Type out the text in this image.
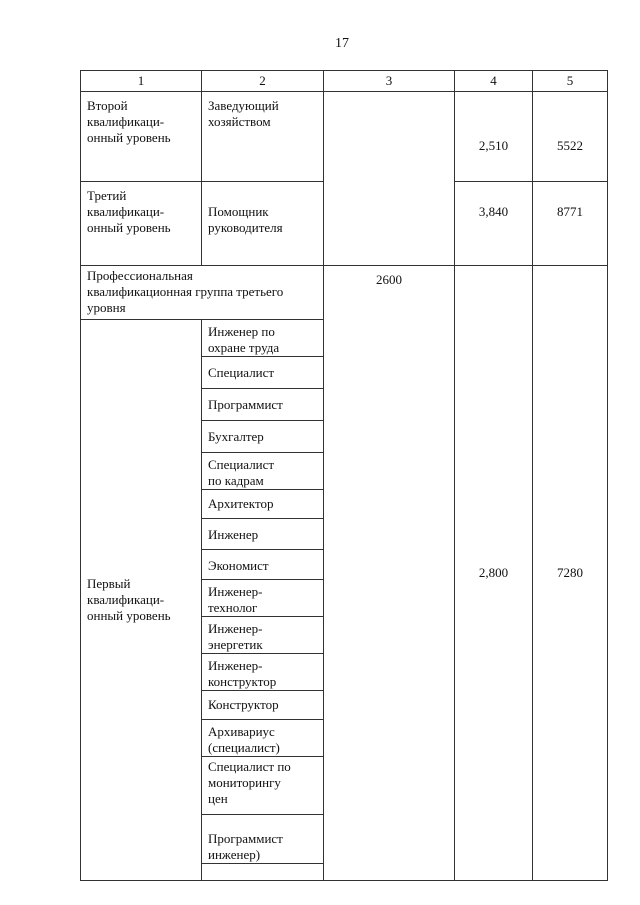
17
1	2	3	4	5
Второй
квалификаци-
онный уровень	Заведующий
хозяйством		2,510	5522
Третий
квалификаци-
онный уровень	Помощник
руководителя		3,840	8771
Профессиональная
квалификационная группа третьего
уровня		2600	2,800	7280
Первый
квалификаци-
онный уровень	Инженер по
охране труда			
	Специалист			
	Программист			
	Бухгалтер			
	Специалист
по кадрам			
	Архитектор			
	Инженер			
	Экономист			
	Инженер-
технолог			
	Инженер-
энергетик			
	Инженер-
конструктор			
	Конструктор			
	Архивариус
(специалист)			
	Специалист по
мониторингу
цен			
	Программист
инженер)			
